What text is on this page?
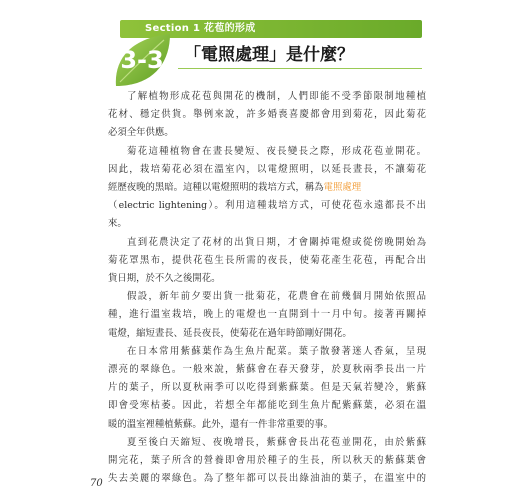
Section 1 花苞的形成
3-3	「電照處理」是什麼？

了解植物形成花苞與開花的機制，人們即能不受季節限制地種植
花材、穩定供貨。舉例來說，許多婚喪喜慶都會用到菊花，因此菊花
必須全年供應。

菊花這種植物會在晝長變短、夜長變長之際，形成花苞並開花。
因此，栽培菊花必須在溫室內，以電燈照明，以延長晝長，不讓菊花
經歷夜晚的黑暗。這種以電燈照明的栽培方式，稱為電照處理
（electric lightening）。利用這種栽培方式，可使花苞永遠都長不出
來。

直到花農決定了花材的出貨日期，才會關掉電燈或從傍晚開始為
菊花罩黑布，提供花苞生長所需的夜長，使菊花產生花苞，再配合出
貨日期，於不久之後開花。

假設，新年前夕要出貨一批菊花，花農會在前幾個月開始依照品
種，進行溫室栽培，晚上的電燈也一直開到十一月中旬。接著再關掉
電燈，縮短晝長、延長夜長，使菊花在過年時節剛好開花。

在日本常用紫蘇葉作為生魚片配菜。葉子散發著迷人香氣，呈現
漂亮的翠綠色。一般來說，紫蘇會在春天發芽，於夏秋兩季長出一片
片的葉子，所以夏秋兩季可以吃得到紫蘇葉。但是天氣若變冷，紫蘇
即會受寒枯萎。因此，若想全年都能吃到生魚片配紫蘇葉，必須在溫
暖的溫室裡種植紫蘇。此外，還有一件非常重要的事。

夏至後白天縮短、夜晚增長，紫蘇會長出花苞並開花，由於紫蘇
開完花，葉子所含的營養即會用於種子的生長，所以秋天的紫蘇葉會
失去美麗的翠綠色。為了整年都可以長出綠油油的葉子，在溫室中的

70
